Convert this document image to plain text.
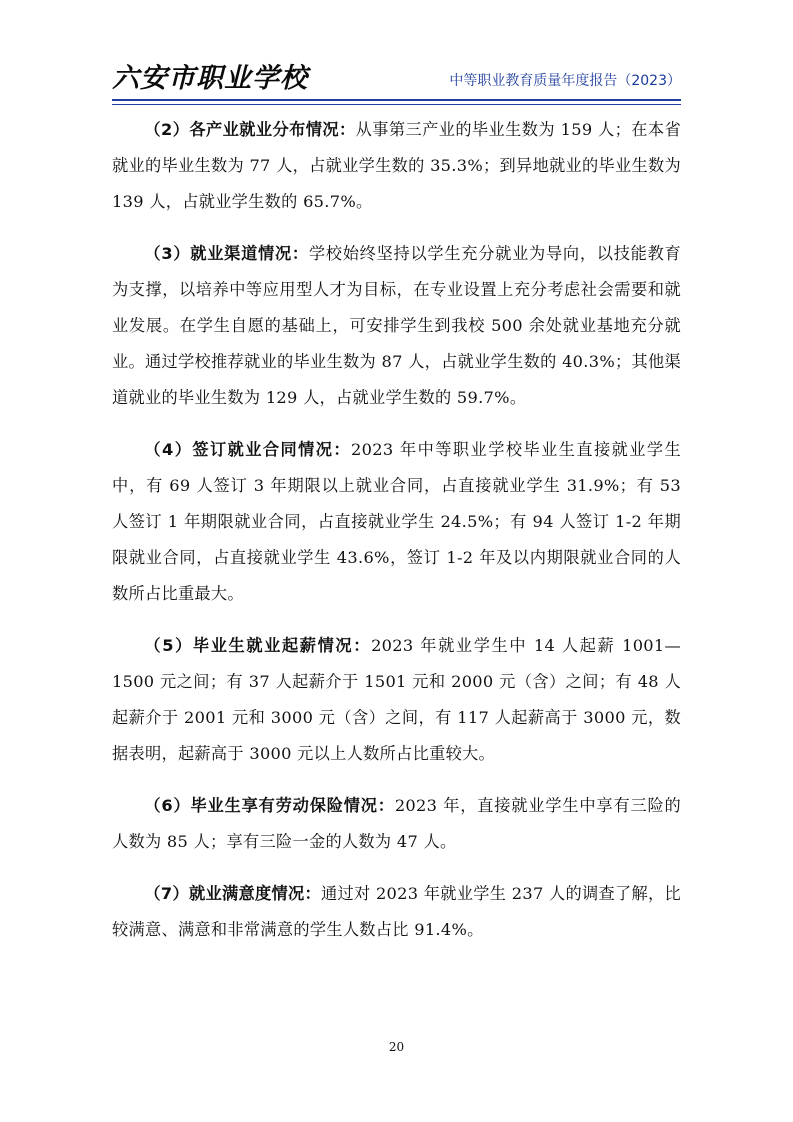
六安市职业学校	中等职业教育质量年度报告（2023）

（2）各产业就业分布情况：从事第三产业的毕业生数为 159 人；在本省就业的毕业生数为 77 人，占就业学生数的 35.3%；到异地就业的毕业生数为 139 人，占就业学生数的 65.7%。

（3）就业渠道情况：学校始终坚持以学生充分就业为导向，以技能教育为支撑，以培养中等应用型人才为目标，在专业设置上充分考虑社会需要和就业发展。在学生自愿的基础上，可安排学生到我校 500 余处就业基地充分就业。通过学校推荐就业的毕业生数为 87 人，占就业学生数的 40.3%；其他渠道就业的毕业生数为 129 人，占就业学生数的 59.7%。

（4）签订就业合同情况：2023 年中等职业学校毕业生直接就业学生中，有 69 人签订 3 年期限以上就业合同，占直接就业学生 31.9%；有 53 人签订 1 年期限就业合同，占直接就业学生 24.5%；有 94 人签订 1-2 年期限就业合同，占直接就业学生 43.6%，签订 1-2 年及以内期限就业合同的人数所占比重最大。

（5）毕业生就业起薪情况：2023 年就业学生中 14 人起薪 1001—1500 元之间；有 37 人起薪介于 1501 元和 2000 元（含）之间；有 48 人起薪介于 2001 元和 3000 元（含）之间，有 117 人起薪高于 3000 元，数据表明，起薪高于 3000 元以上人数所占比重较大。

（6）毕业生享有劳动保险情况：2023 年，直接就业学生中享有三险的人数为 85 人；享有三险一金的人数为 47 人。

（7）就业满意度情况：通过对 2023 年就业学生 237 人的调查了解，比较满意、满意和非常满意的学生人数占比 91.4%。

20
